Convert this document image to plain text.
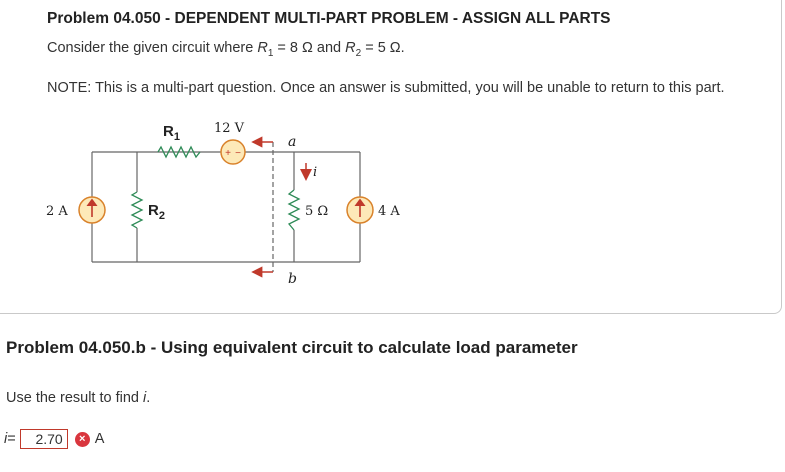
Problem 04.050 - DEPENDENT MULTI-PART PROBLEM - ASSIGN ALL PARTS
Consider the given circuit where $R_1 = 8$ Ω and $R_2 = 5$ Ω.
NOTE: This is a multi-part question. Once an answer is submitted, you will be unable to return to this part.
+ −
$R_1$
$R_2$
12 V
2 A	4 A
5 Ω
a
b
i
Problem 04.050.b - Using equivalent circuit to calculate load parameter
Use the result to find i.
i =	2.70	× A
